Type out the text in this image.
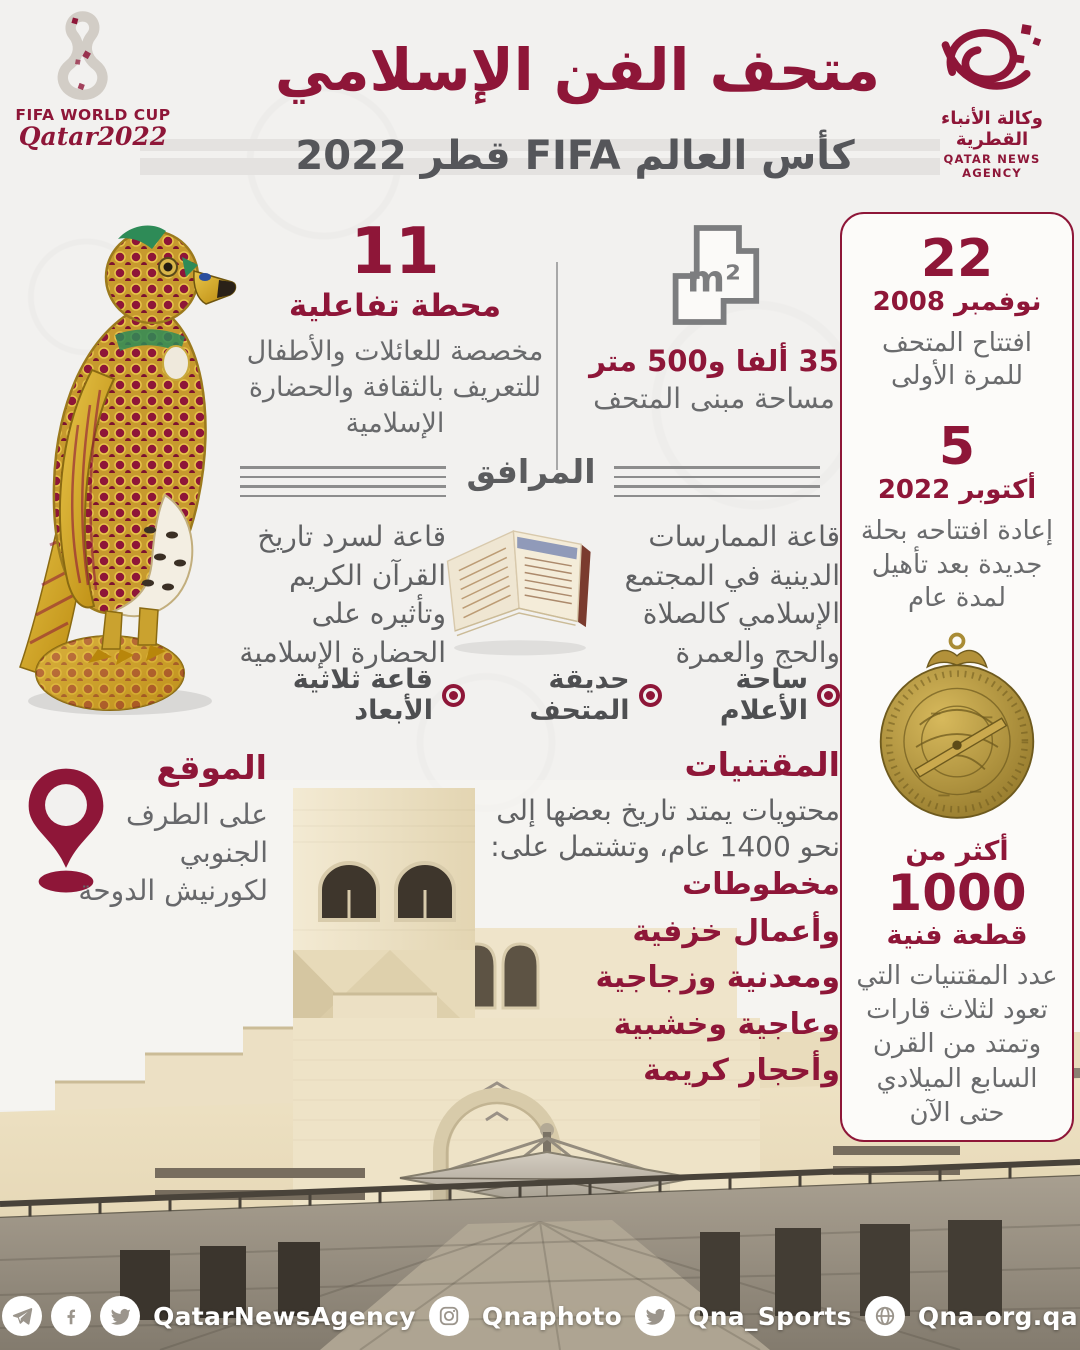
متحف الفن الإسلامي
كأس العالم FIFA قطر 2022
FIFA WORLD CUP
Qatar2022
وكالة الأنباء القطرية
QATAR NEWS AGENCY
11
محطة تفاعلية
مخصصة للعائلات والأطفال للتعريف بالثقافة والحضارة الإسلامية
m²
35 ألفا و500 متر
مساحة مبنى المتحف
22
نوفمبر 2008
افتتاح المتحف للمرة الأولى
5
أكتوبر 2022
إعادة افتتاحه بحلة جديدة بعد تأهيل لمدة عام
أكثر من
1000
قطعة فنية
عدد المقتنيات التي تعود لثلاث قارات وتمتد من القرن السابع الميلادي حتى الآن
المرافق
قاعة الممارسات الدينية في المجتمع الإسلامي كالصلاة والحج والعمرة
قاعة لسرد تاريخ القرآن الكريم وتأثيره على الحضارة الإسلامية
ساحة الأعلام
حديقة المتحف
قاعة ثلاثية الأبعاد
الموقع
على الطرف الجنوبي لكورنيش الدوحة
المقتنيات
محتويات يمتد تاريخ بعضها إلى نحو 1400 عام، وتشتمل على:
مخطوطات
وأعمال خزفية
ومعدنية وزجاجية
وعاجية وخشبية
وأحجار كريمة
QatarNewsAgency	Qnaphoto	Qna_Sports	Qna.org.qa
